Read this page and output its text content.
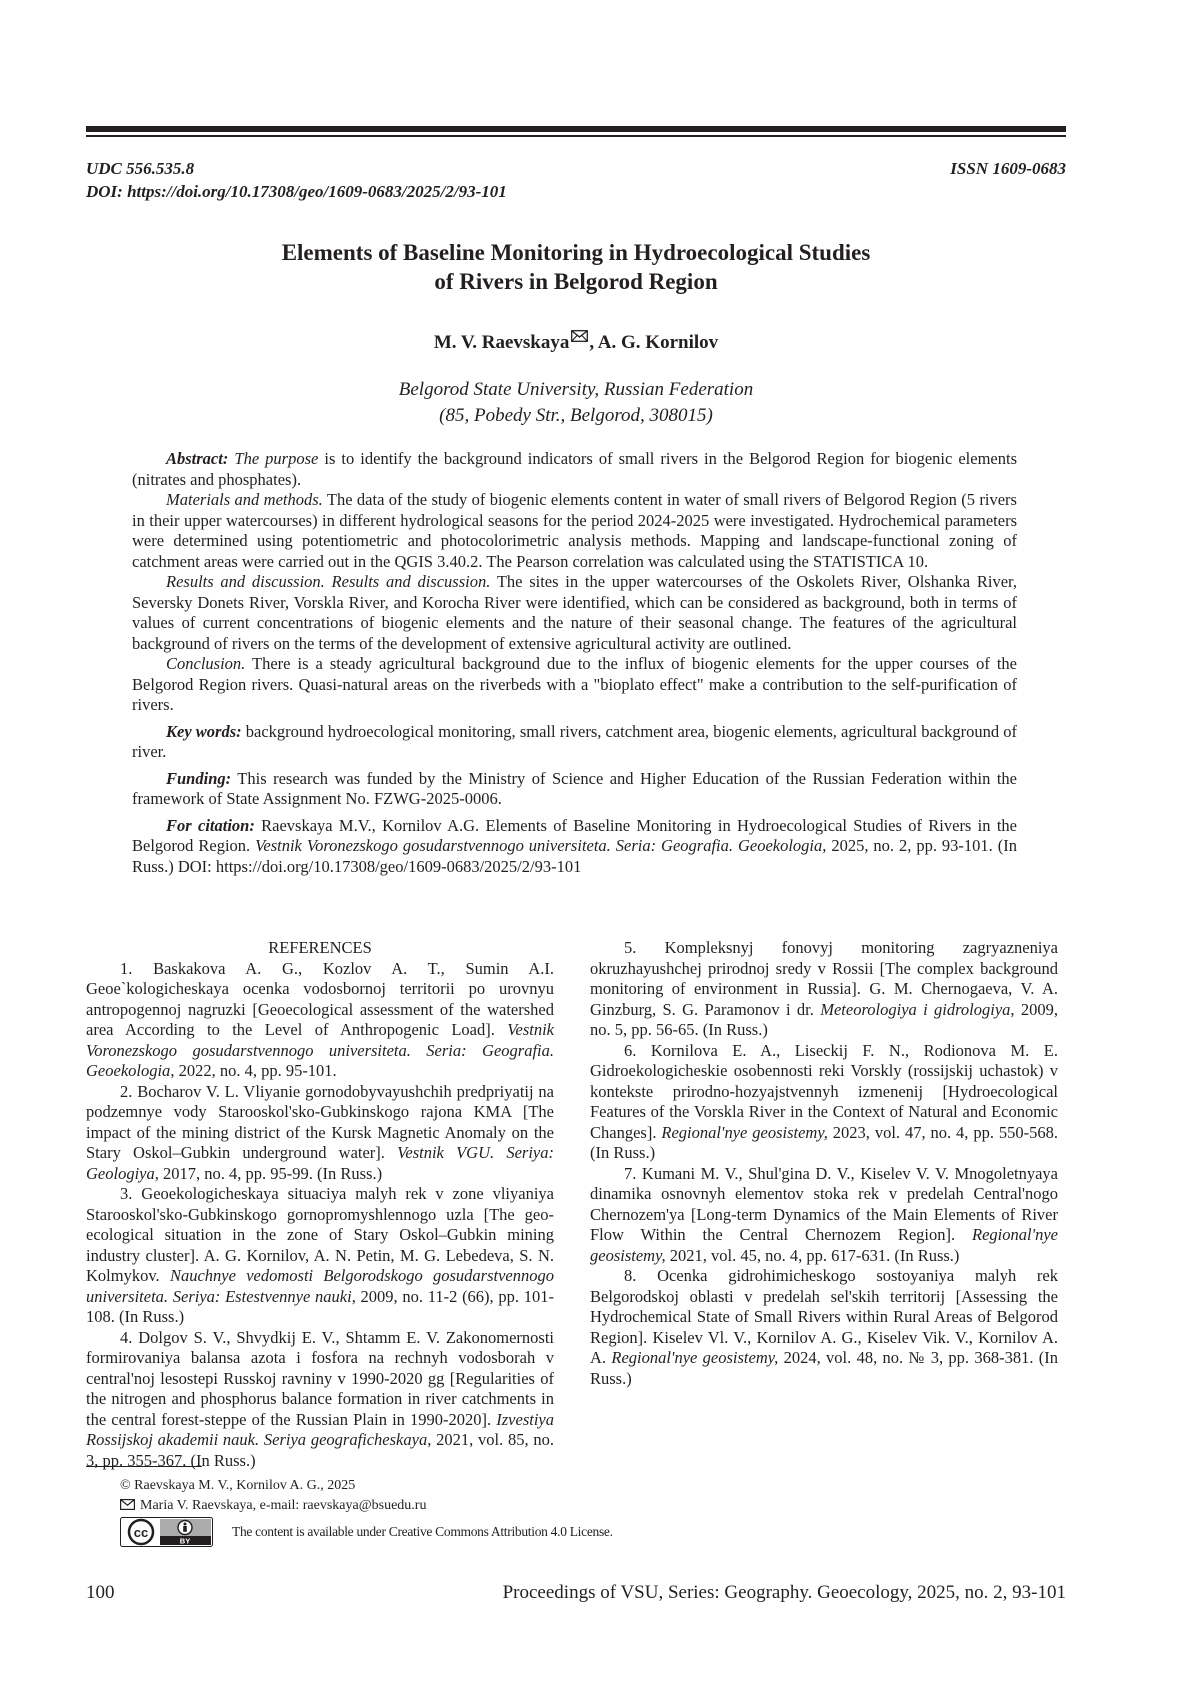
UDC 556.535.8
DOI: https://doi.org/10.17308/geo/1609-0683/2025/2/93-101
ISSN 1609-0683
Elements of Baseline Monitoring in Hydroecological Studies
of Rivers in Belgorod Region
M. V. Raevskaya , A. G. Kornilov
Belgorod State University, Russian Federation
(85, Pobedy Str., Belgorod, 308015)

Abstract: The purpose is to identify the background indicators of small rivers in the Belgorod Region for biogenic elements (nitrates and phosphates).

Materials and methods. The data of the study of biogenic elements content in water of small rivers of Belgorod Region (5 rivers in their upper watercourses) in different hydrological seasons for the period 2024-2025 were investigated. Hydrochemical parameters were determined using potentiometric and photocolorimetric analysis methods. Mapping and landscape-functional zoning of catchment areas were carried out in the QGIS 3.40.2. The Pearson correlation was calculated using the STATISTICA 10.

Results and discussion. Results and discussion. The sites in the upper watercourses of the Oskolets River, Olshanka River, Seversky Donets River, Vorskla River, and Korocha River were identified, which can be considered as background, both in terms of values of current concentrations of biogenic elements and the nature of their seasonal change. The features of the agricultural background of rivers on the terms of the development of extensive agricultural activity are outlined.

Conclusion. There is a steady agricultural background due to the influx of biogenic elements for the upper courses of the Belgorod Region rivers. Quasi-natural areas on the riverbeds with a "bioplato effect" make a contribution to the self-purification of rivers.

Key words: background hydroecological monitoring, small rivers, catchment area, biogenic elements, agricultural background of river.

Funding: This research was funded by the Ministry of Science and Higher Education of the Russian Federation within the framework of State Assignment No. FZWG-2025-0006.

For citation: Raevskaya M.V., Kornilov A.G. Elements of Baseline Monitoring in Hydroecological Studies of Rivers in the Belgorod Region. Vestnik Voronezskogo gosudarstvennogo universiteta. Seria: Geografia. Geoekologia, 2025, no. 2, pp. 93-101. (In Russ.) DOI: https://doi.org/10.17308/geo/1609-0683/2025/2/93-101

REFERENCES

1. Baskakova A. G., Kozlov A. T., Sumin A.I. Geoe`kologicheskaya ocenka vodosbornoj territorii po urovnyu antropogennoj nagruzki [Geoecological assessment of the watershed area According to the Level of Anthropogenic Load]. Vestnik Voronezskogo gosudarstvennogo universiteta. Seria: Geografia. Geoekologia, 2022, no. 4, pp. 95-101.

2. Bocharov V. L. Vliyanie gornodobyvayushchih predpriyatij na podzemnye vody Starooskol'sko-Gubkinskogo rajona KMA [The impact of the mining district of the Kursk Magnetic Anomaly on the Stary Oskol–Gubkin underground water]. Vestnik VGU. Seriya: Geologiya, 2017, no. 4, pp. 95-99. (In Russ.)

3. Geoekologicheskaya situaciya malyh rek v zone vliyaniya Starooskol'sko-Gubkinskogo gornopromyshlennogo uzla [The geo-ecological situation in the zone of Stary Oskol–Gubkin mining industry cluster]. A. G. Kornilov, A. N. Petin, M. G. Lebedeva, S. N. Kolmykov. Nauchnye vedomosti Belgorodskogo gosudarstvennogo universiteta. Seriya: Estestvennye nauki, 2009, no. 11-2 (66), pp. 101-108. (In Russ.)

4. Dolgov S. V., Shvydkij E. V., Shtamm E. V. Zakonomernosti formirovaniya balansa azota i fosfora na rechnyh vodosborah v central'noj lesostepi Russkoj ravniny v 1990-2020 gg [Regularities of the nitrogen and phosphorus balance formation in river catchments in the central forest-steppe of the Russian Plain in 1990-2020]. Izvestiya Rossijskoj akademii nauk. Seriya geograficheskaya, 2021, vol. 85, no. 3, pp. 355-367. (In Russ.)

5. Kompleksnyj fonovyj monitoring zagryazneniya okruzhayushchej prirodnoj sredy v Rossii [The complex background monitoring of environment in Russia]. G. M. Chernogaeva, V. A. Ginzburg, S. G. Paramonov i dr. Meteorologiya i gidrologiya, 2009, no. 5, pp. 56-65. (In Russ.)

6. Kornilova E. A., Liseckij F. N., Rodionova M. E. Gidroekologicheskie osobennosti reki Vorskly (rossijskij uchastok) v kontekste prirodno-hozyajstvennyh izmenenij [Hydroecological Features of the Vorskla River in the Context of Natural and Economic Changes]. Regional'nye geosistemy, 2023, vol. 47, no. 4, pp. 550-568. (In Russ.)

7. Kumani M. V., Shul'gina D. V., Kiselev V. V. Mnogoletnyaya dinamika osnovnyh elementov stoka rek v predelah Central'nogo Chernozem'ya [Long-term Dynamics of the Main Elements of River Flow Within the Central Chernozem Region]. Regional'nye geosistemy, 2021, vol. 45, no. 4, pp. 617-631. (In Russ.)

8. Ocenka gidrohimicheskogo sostoyaniya malyh rek Belgorodskoj oblasti v predelah sel'skih territorij [Assessing the Hydrochemical State of Small Rivers within Rural Areas of Belgorod Region]. Kiselev Vl. V., Kornilov A. G., Kiselev Vik. V., Kornilov A. A. Regional'nye geosistemy, 2024, vol. 48, no. № 3, pp. 368-381. (In Russ.)

© Raevskaya M. V., Kornilov A. G., 2025
Maria V. Raevskaya, e-mail: raevskaya@bsuedu.ru
cc
BY
The content is available under Creative Commons Attribution 4.0 License.
100	Proceedings of VSU, Series: Geography. Geoecology, 2025, no. 2, 93-101
